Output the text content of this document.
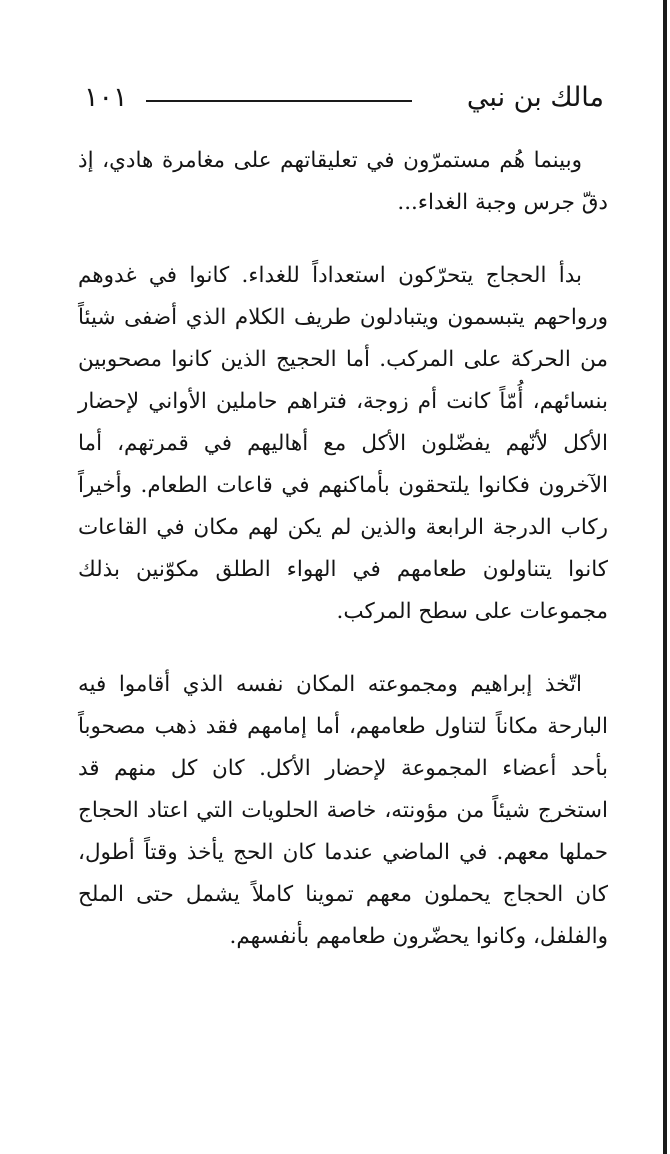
مالك بن نبي
١٠١

وبينما هُم مستمرّون في تعليقاتهم على مغامرة هادي، إذ دقّ جرس وجبة الغداء...

بدأ الحجاج يتحرّكون استعداداً للغداء. كانوا في غدوهم ورواحهم يتبسمون ويتبادلون طريف الكلام الذي أضفى شيئاً من الحركة على المركب. أما الحجيج الذين كانوا مصحوبين بنسائهم، أُمّاً كانت أم زوجة، فتراهم حاملين الأواني لإحضار الأكل لأنّهم يفضّلون الأكل مع أهاليهم في قمرتهم، أما الآخرون فكانوا يلتحقون بأماكنهم في قاعات الطعام. وأخيراً ركاب الدرجة الرابعة والذين لم يكن لهم مكان في القاعات كانوا يتناولون طعامهم في الهواء الطلق مكوّنين بذلك مجموعات على سطح المركب.

اتّخذ إبراهيم ومجموعته المكان نفسه الذي أقاموا فيه البارحة مكاناً لتناول طعامهم، أما إمامهم فقد ذهب مصحوباً بأحد أعضاء المجموعة لإحضار الأكل. كان كل منهم قد استخرج شيئاً من مؤونته، خاصة الحلويات التي اعتاد الحجاج حملها معهم. في الماضي عندما كان الحج يأخذ وقتاً أطول، كان الحجاج يحملون معهم تموينا كاملاً يشمل حتى الملح والفلفل، وكانوا يحضّرون طعامهم بأنفسهم.
